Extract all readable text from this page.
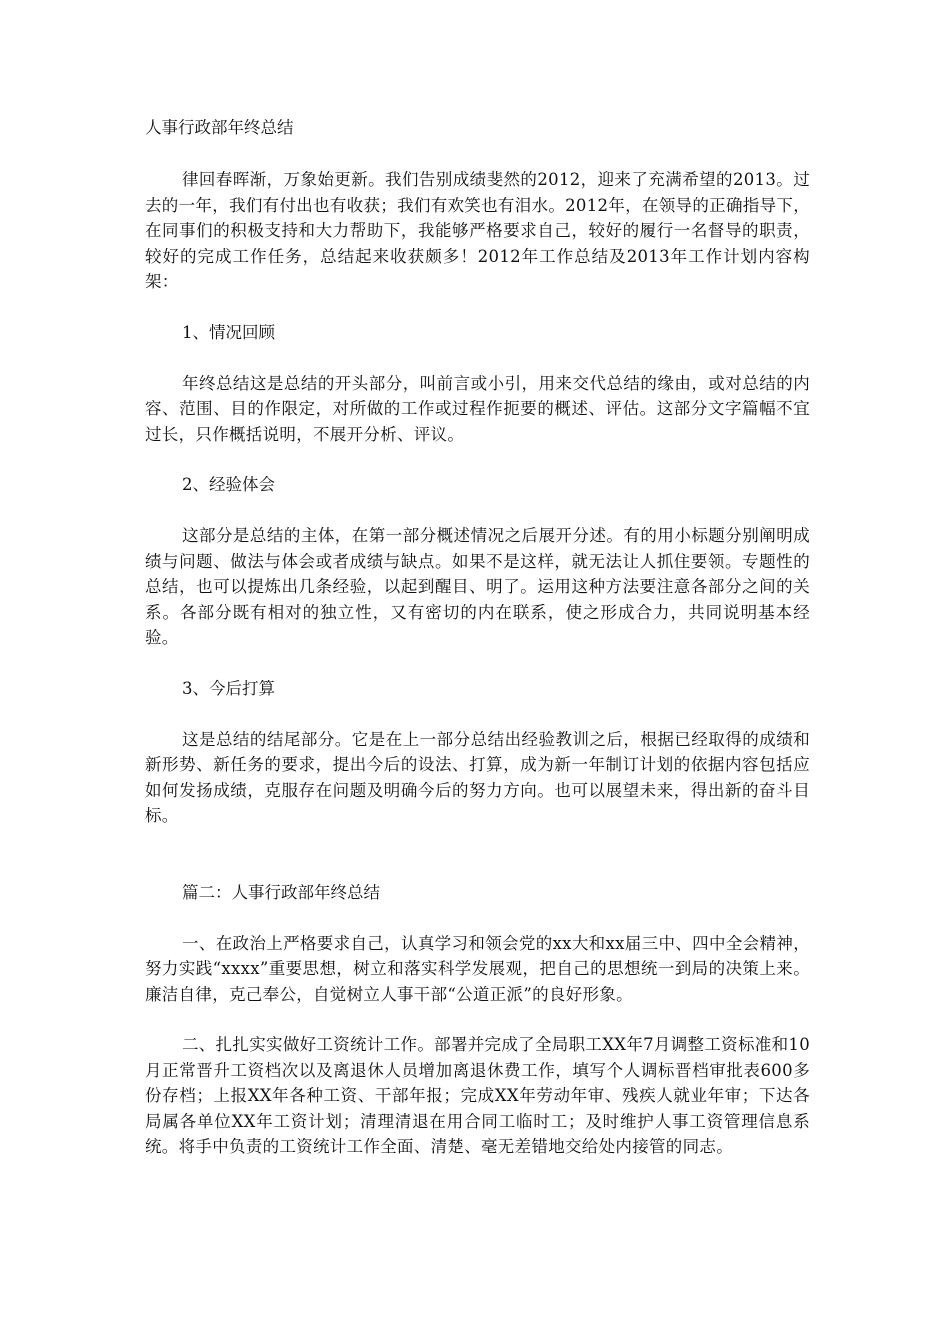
人事行政部年终总结

律回春晖渐，万象始更新。我们告别成绩斐然的2012，迎来了充满希望的2013。过去的一年，我们有付出也有收获；我们有欢笑也有泪水。2012年，在领导的正确指导下，在同事们的积极支持和大力帮助下，我能够严格要求自己，较好的履行一名督导的职责，较好的完成工作任务，总结起来收获颇多！2012年工作总结及2013年工作计划内容构架：

1、情况回顾

年终总结这是总结的开头部分，叫前言或小引，用来交代总结的缘由，或对总结的内容、范围、目的作限定，对所做的工作或过程作扼要的概述、评估。这部分文字篇幅不宜过长，只作概括说明，不展开分析、评议。

2、经验体会

这部分是总结的主体，在第一部分概述情况之后展开分述。有的用小标题分别阐明成绩与问题、做法与体会或者成绩与缺点。如果不是这样，就无法让人抓住要领。专题性的总结，也可以提炼出几条经验，以起到醒目、明了。运用这种方法要注意各部分之间的关系。各部分既有相对的独立性，又有密切的内在联系，使之形成合力，共同说明基本经验。

3、今后打算

这是总结的结尾部分。它是在上一部分总结出经验教训之后，根据已经取得的成绩和新形势、新任务的要求，提出今后的设法、打算，成为新一年制订计划的依据内容包括应如何发扬成绩，克服存在问题及明确今后的努力方向。也可以展望未来，得出新的奋斗目标。

篇二：人事行政部年终总结

一、在政治上严格要求自己，认真学习和领会党的xx大和xx届三中、四中全会精神，努力实践“xxxx”重要思想，树立和落实科学发展观，把自己的思想统一到局的决策上来。廉洁自律，克己奉公，自觉树立人事干部“公道正派”的良好形象。

二、扎扎实实做好工资统计工作。部署并完成了全局职工XX年7月调整工资标准和10月正常晋升工资档次以及离退休人员增加离退休费工作，填写个人调标晋档审批表600多份存档；上报XX年各种工资、干部年报；完成XX年劳动年审、残疾人就业年审；下达各局属各单位XX年工资计划；清理清退在用合同工临时工；及时维护人事工资管理信息系统。将手中负责的工资统计工作全面、清楚、毫无差错地交给处内接管的同志。
